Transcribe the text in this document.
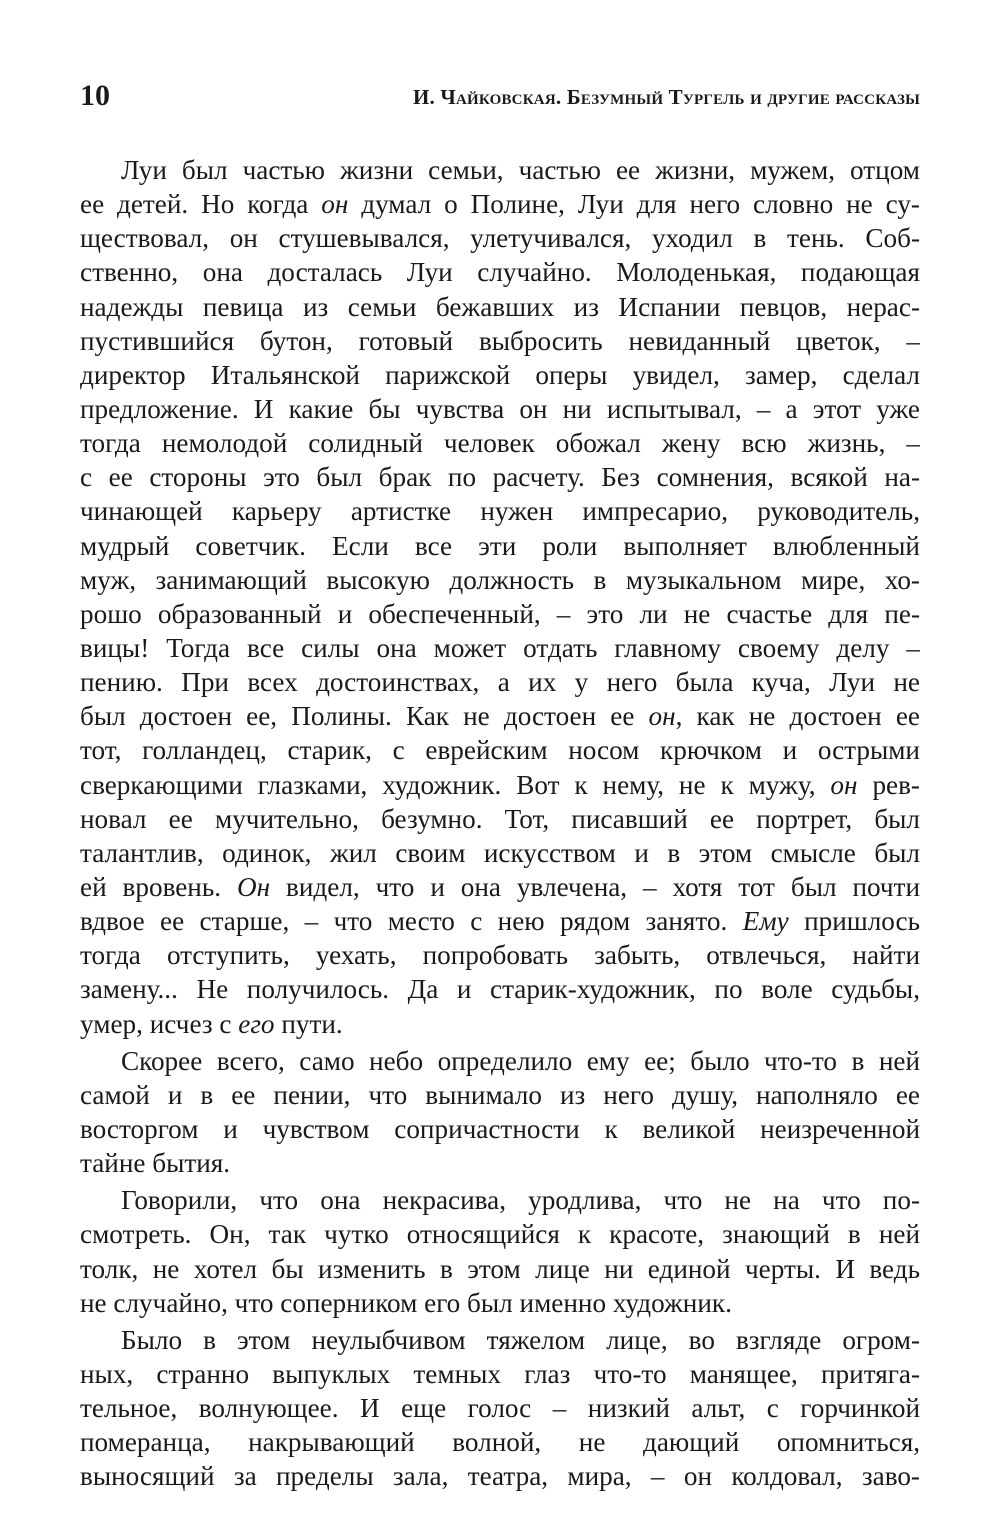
10	И. Чайковская. Безумный Тургель и другие рассказы
Луи был частью жизни семьи, частью ее жизни, мужем, отцом
ее детей. Но когда он думал о Полине, Луи для него словно не су-
ществовал, он стушевывался, улетучивался, уходил в тень. Соб-
ственно, она досталась Луи случайно. Молоденькая, подающая
надежды певица из семьи бежавших из Испании певцов, нерас-
пустившийся бутон, готовый выбросить невиданный цветок, –
директор Итальянской парижской оперы увидел, замер, сделал
предложение. И какие бы чувства он ни испытывал, – а этот уже
тогда немолодой солидный человек обожал жену всю жизнь, –
с ее стороны это был брак по расчету. Без сомнения, всякой на-
чинающей карьеру артистке нужен импресарио, руководитель,
мудрый советчик. Если все эти роли выполняет влюбленный
муж, занимающий высокую должность в музыкальном мире, хо-
рошо образованный и обеспеченный, – это ли не счастье для пе-
вицы! Тогда все силы она может отдать главному своему делу –
пению. При всех достоинствах, а их у него была куча, Луи не
был достоен ее, Полины. Как не достоен ее он, как не достоен ее
тот, голландец, старик, с еврейским носом крючком и острыми
сверкающими глазками, художник. Вот к нему, не к мужу, он рев-
новал ее мучительно, безумно. Тот, писавший ее портрет, был
талантлив, одинок, жил своим искусством и в этом смысле был
ей вровень. Он видел, что и она увлечена, – хотя тот был почти
вдвое ее старше, – что место с нею рядом занято. Ему пришлось
тогда отступить, уехать, попробовать забыть, отвлечься, найти
замену... Не получилось. Да и старик-художник, по воле судьбы,
умер, исчез с его пути.
Скорее всего, само небо определило ему ее; было что-то в ней
самой и в ее пении, что вынимало из него душу, наполняло ее
восторгом и чувством сопричастности к великой неизреченной
тайне бытия.
Говорили, что она некрасива, уродлива, что не на что по-
смотреть. Он, так чутко относящийся к красоте, знающий в ней
толк, не хотел бы изменить в этом лице ни единой черты. И ведь
не случайно, что соперником его был именно художник.
Было в этом неулыбчивом тяжелом лице, во взгляде огром-
ных, странно выпуклых темных глаз что-то манящее, притяга-
тельное, волнующее. И еще голос – низкий альт, с горчинкой
померанца, накрывающий волной, не дающий опомниться,
выносящий за пределы зала, театра, мира, – он колдовал, заво-
